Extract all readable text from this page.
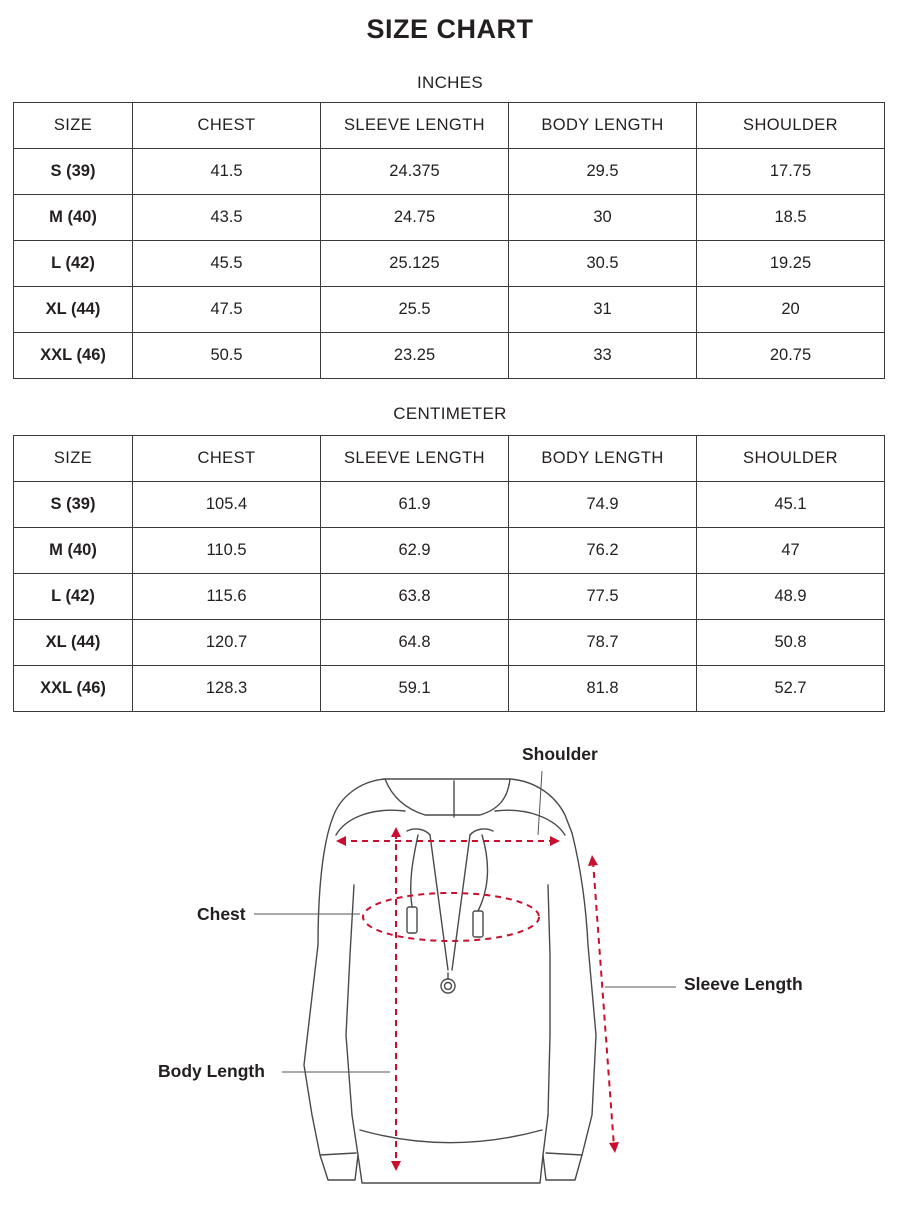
SIZE CHART
INCHES
SIZE	CHEST	SLEEVE LENGTH	BODY LENGTH	SHOULDER
S (39)	41.5	24.375	29.5	17.75
M (40)	43.5	24.75	30	18.5
L (42)	45.5	25.125	30.5	19.25
XL (44)	47.5	25.5	31	20
XXL (46)	50.5	23.25	33	20.75
CENTIMETER
SIZE	CHEST	SLEEVE LENGTH	BODY LENGTH	SHOULDER
S (39)	105.4	61.9	74.9	45.1
M (40)	110.5	62.9	76.2	47
L (42)	115.6	63.8	77.5	48.9
XL (44)	120.7	64.8	78.7	50.8
XXL (46)	128.3	59.1	81.8	52.7
Shoulder
Chest
Sleeve Length
Body Length
